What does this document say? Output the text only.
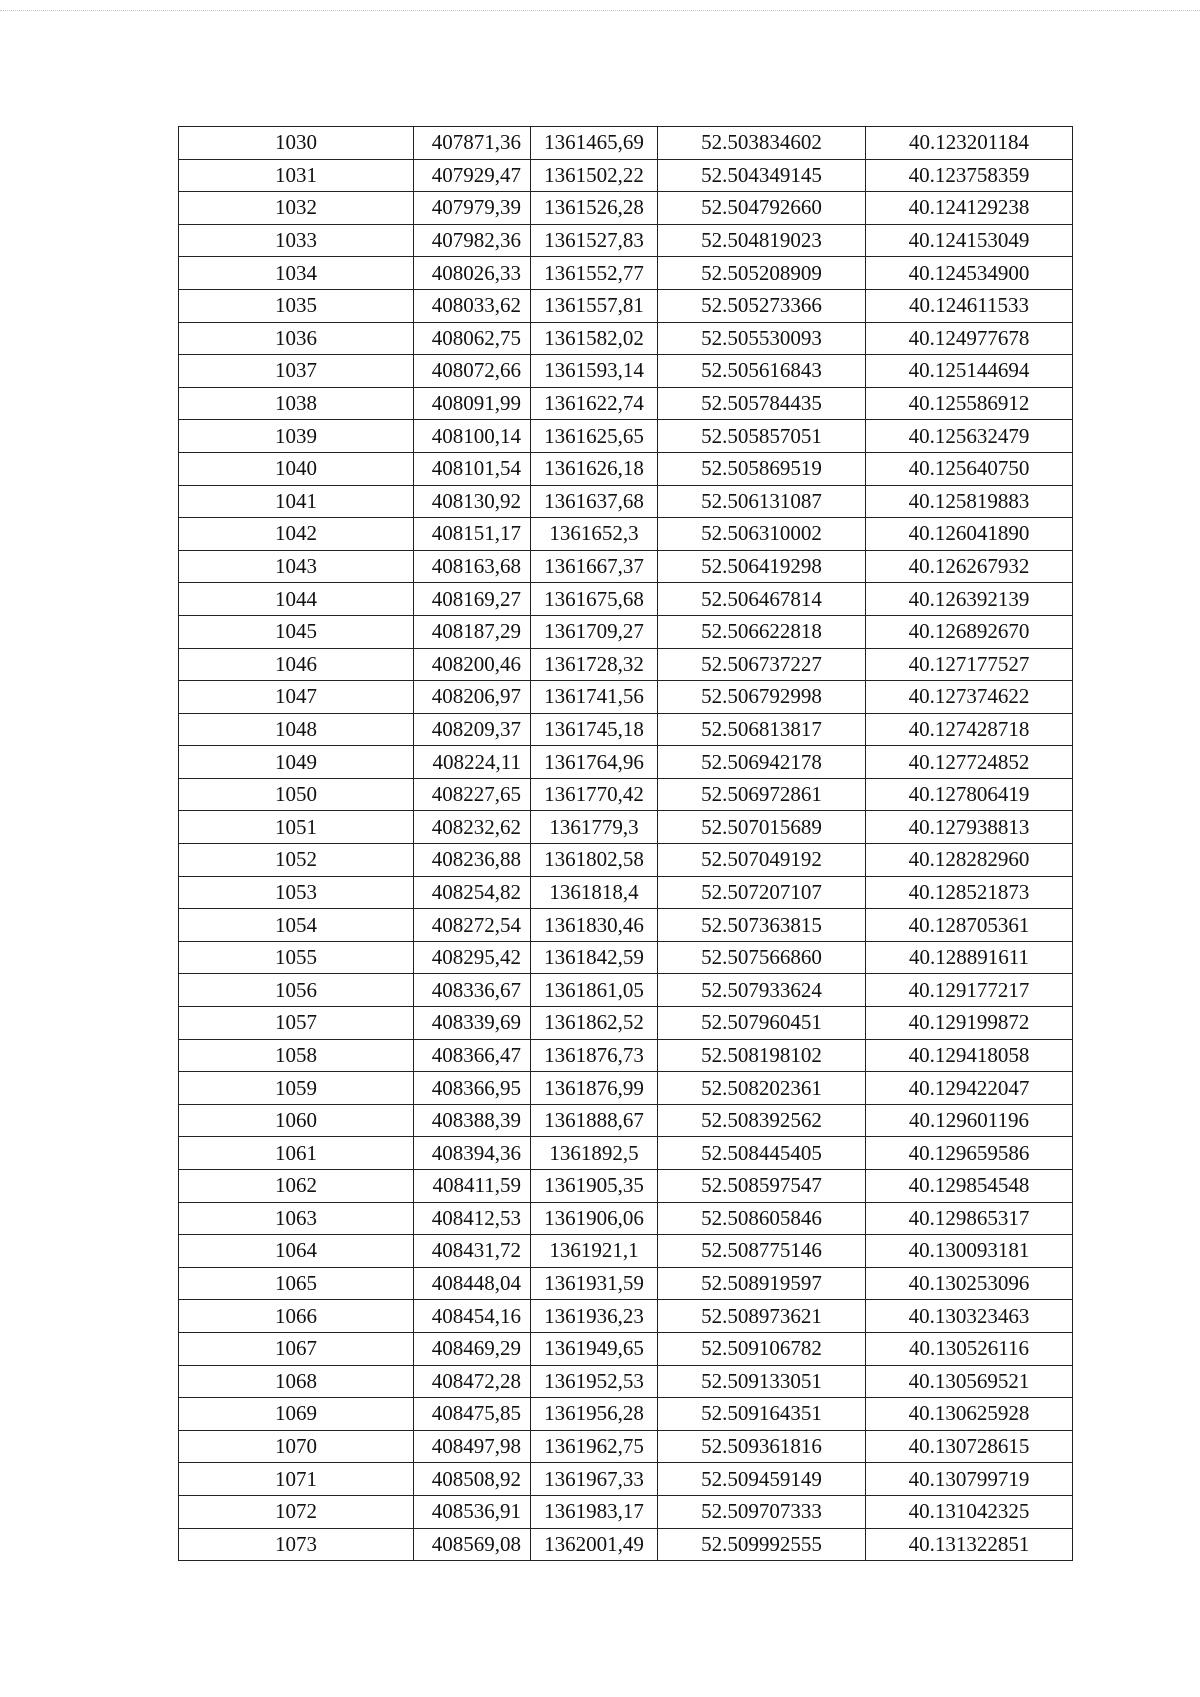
1030	407871,36	1361465,69	52.503834602	40.123201184
1031	407929,47	1361502,22	52.504349145	40.123758359
1032	407979,39	1361526,28	52.504792660	40.124129238
1033	407982,36	1361527,83	52.504819023	40.124153049
1034	408026,33	1361552,77	52.505208909	40.124534900
1035	408033,62	1361557,81	52.505273366	40.124611533
1036	408062,75	1361582,02	52.505530093	40.124977678
1037	408072,66	1361593,14	52.505616843	40.125144694
1038	408091,99	1361622,74	52.505784435	40.125586912
1039	408100,14	1361625,65	52.505857051	40.125632479
1040	408101,54	1361626,18	52.505869519	40.125640750
1041	408130,92	1361637,68	52.506131087	40.125819883
1042	408151,17	1361652,3	52.506310002	40.126041890
1043	408163,68	1361667,37	52.506419298	40.126267932
1044	408169,27	1361675,68	52.506467814	40.126392139
1045	408187,29	1361709,27	52.506622818	40.126892670
1046	408200,46	1361728,32	52.506737227	40.127177527
1047	408206,97	1361741,56	52.506792998	40.127374622
1048	408209,37	1361745,18	52.506813817	40.127428718
1049	408224,11	1361764,96	52.506942178	40.127724852
1050	408227,65	1361770,42	52.506972861	40.127806419
1051	408232,62	1361779,3	52.507015689	40.127938813
1052	408236,88	1361802,58	52.507049192	40.128282960
1053	408254,82	1361818,4	52.507207107	40.128521873
1054	408272,54	1361830,46	52.507363815	40.128705361
1055	408295,42	1361842,59	52.507566860	40.128891611
1056	408336,67	1361861,05	52.507933624	40.129177217
1057	408339,69	1361862,52	52.507960451	40.129199872
1058	408366,47	1361876,73	52.508198102	40.129418058
1059	408366,95	1361876,99	52.508202361	40.129422047
1060	408388,39	1361888,67	52.508392562	40.129601196
1061	408394,36	1361892,5	52.508445405	40.129659586
1062	408411,59	1361905,35	52.508597547	40.129854548
1063	408412,53	1361906,06	52.508605846	40.129865317
1064	408431,72	1361921,1	52.508775146	40.130093181
1065	408448,04	1361931,59	52.508919597	40.130253096
1066	408454,16	1361936,23	52.508973621	40.130323463
1067	408469,29	1361949,65	52.509106782	40.130526116
1068	408472,28	1361952,53	52.509133051	40.130569521
1069	408475,85	1361956,28	52.509164351	40.130625928
1070	408497,98	1361962,75	52.509361816	40.130728615
1071	408508,92	1361967,33	52.509459149	40.130799719
1072	408536,91	1361983,17	52.509707333	40.131042325
1073	408569,08	1362001,49	52.509992555	40.131322851
